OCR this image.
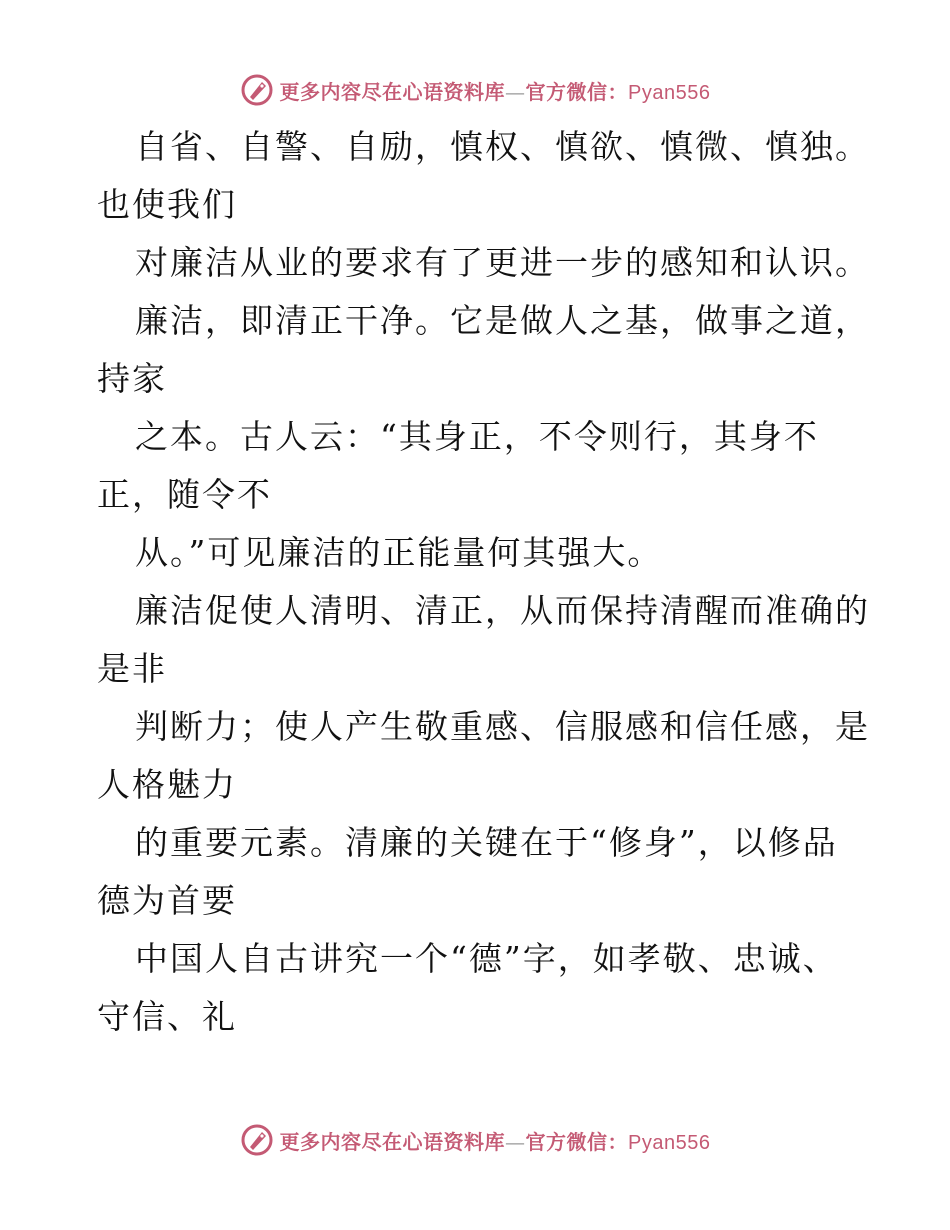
更多内容尽在心语资料库—官方微信：Pyan556
自省、自警、自励，慎权、慎欲、慎微、慎独。
也使我们
对廉洁从业的要求有了更进一步的感知和认识。
廉洁，即清正干净。它是做人之基，做事之道，
持家
之本。古人云：“其身正，不令则行，其身不
正，随令不
从。”可见廉洁的正能量何其强大。
廉洁促使人清明、清正，从而保持清醒而准确的
是非
判断力；使人产生敬重感、信服感和信任感，是
人格魅力
的重要元素。清廉的关键在于“修身”，以修品
德为首要
中国人自古讲究一个“德”字，如孝敬、忠诚、
守信、礼
更多内容尽在心语资料库—官方微信：Pyan556
